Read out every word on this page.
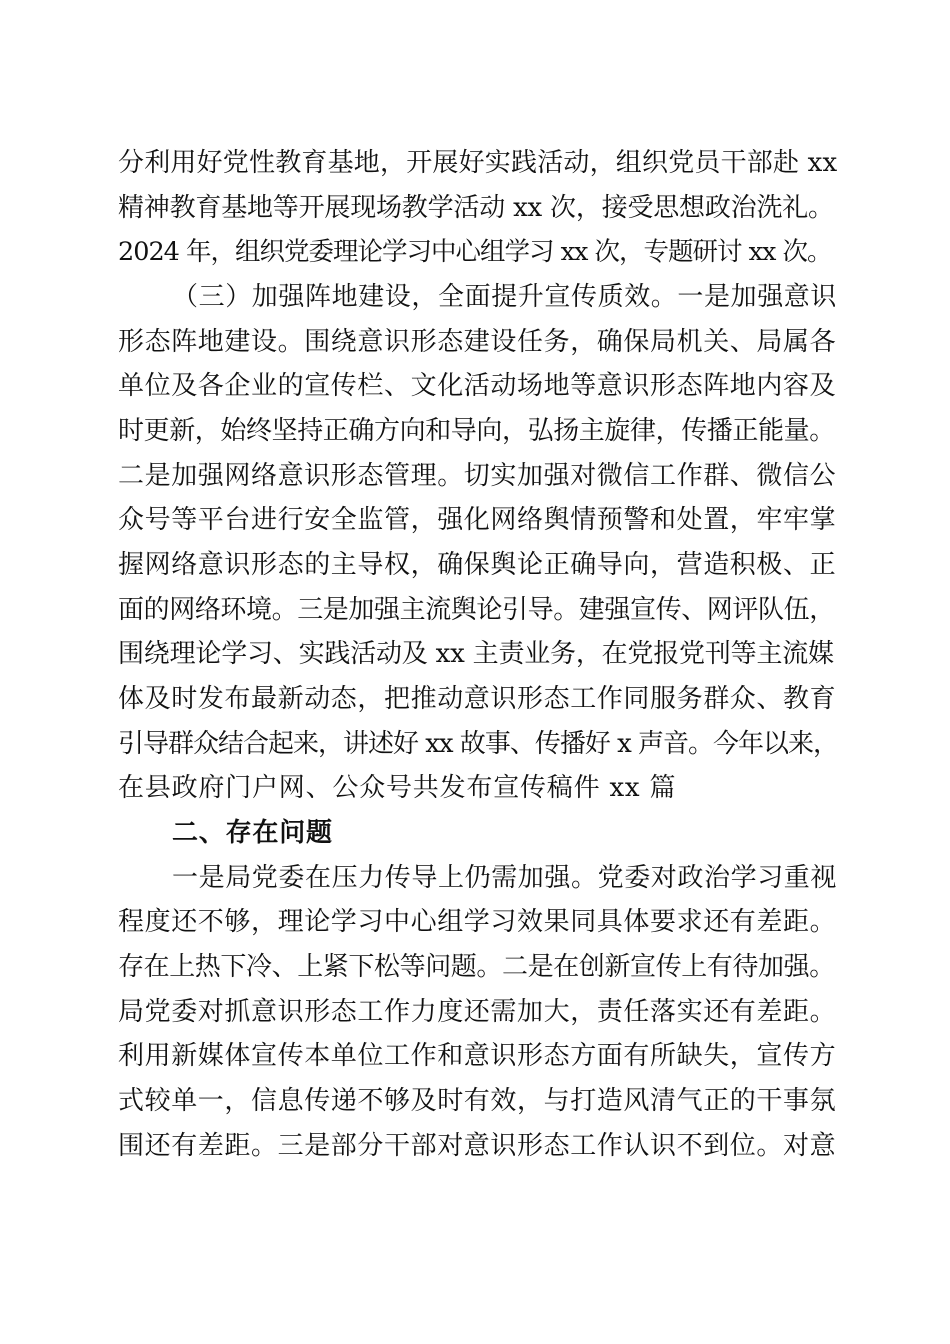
分利用好党性教育基地，开展好实践活动，组织党员干部赴 xx
精神教育基地等开展现场教学活动 xx 次，接受思想政治洗礼。
2024 年，组织党委理论学习中心组学习 xx 次，专题研讨 xx 次。
（三）加强阵地建设，全面提升宣传质效。一是加强意识
形态阵地建设。围绕意识形态建设任务，确保局机关、局属各
单位及各企业的宣传栏、文化活动场地等意识形态阵地内容及
时更新，始终坚持正确方向和导向，弘扬主旋律，传播正能量。
二是加强网络意识形态管理。切实加强对微信工作群、微信公
众号等平台进行安全监管，强化网络舆情预警和处置，牢牢掌
握网络意识形态的主导权，确保舆论正确导向，营造积极、正
面的网络环境。三是加强主流舆论引导。建强宣传、网评队伍，
围绕理论学习、实践活动及 xx 主责业务，在党报党刊等主流媒
体及时发布最新动态，把推动意识形态工作同服务群众、教育
引导群众结合起来，讲述好 xx 故事、传播好 x 声音。今年以来，
在县政府门户网、公众号共发布宣传稿件 xx 篇
二、存在问题
一是局党委在压力传导上仍需加强。党委对政治学习重视
程度还不够，理论学习中心组学习效果同具体要求还有差距。
存在上热下冷、上紧下松等问题。二是在创新宣传上有待加强。
局党委对抓意识形态工作力度还需加大，责任落实还有差距。
利用新媒体宣传本单位工作和意识形态方面有所缺失，宣传方
式较单一，信息传递不够及时有效，与打造风清气正的干事氛
围还有差距。三是部分干部对意识形态工作认识不到位。对意
